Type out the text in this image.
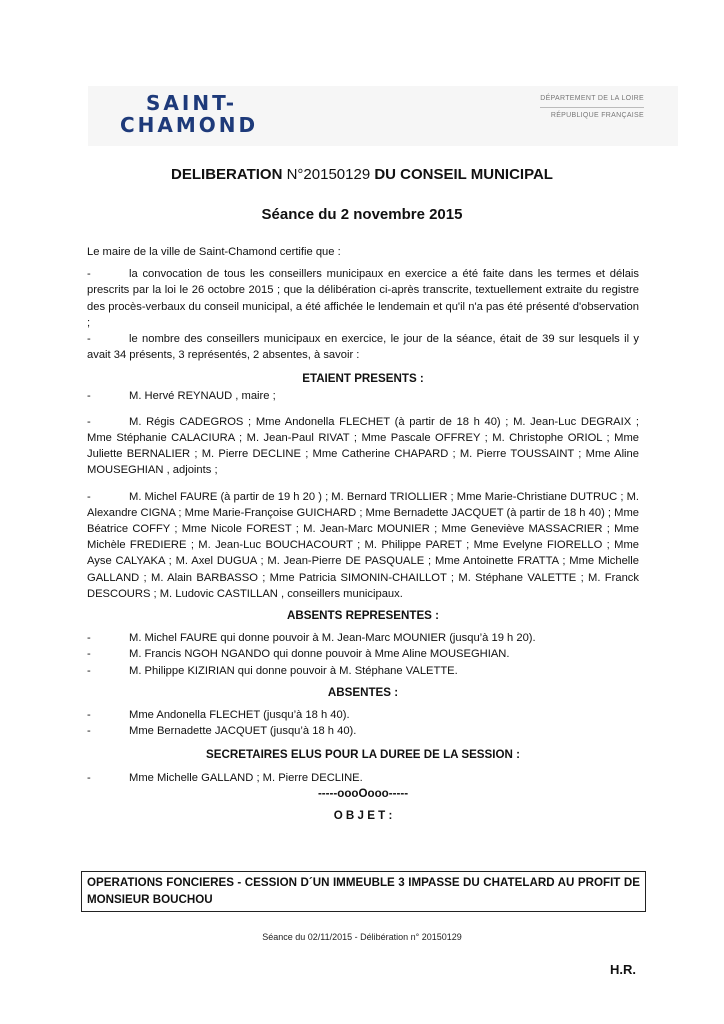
SAINT-
CHAMOND
DÉPARTEMENT DE LA LOIRE
RÉPUBLIQUE FRANÇAISE
DELIBERATION N°20150129 DU CONSEIL MUNICIPAL
Séance du 2 novembre 2015

Le maire de la ville de Saint-Chamond certifie que :

-	la convocation de tous les conseillers municipaux en exercice a été faite dans les termes et délais prescrits par la loi le 26 octobre 2015 ; que la délibération ci-après transcrite, textuellement extraite du registre des procès-verbaux du conseil municipal, a été affichée le lendemain et qu'il n'a pas été présenté d'observation ;

-	le nombre des conseillers municipaux en exercice, le jour de la séance, était de 39 sur lesquels il y avait 34 présents, 3 représentés, 2 absentes, à savoir :

ETAIENT PRESENTS :

-	M. Hervé REYNAUD , maire ;

-	M. Régis CADEGROS ; Mme Andonella FLECHET (à partir de 18 h 40) ; M. Jean-Luc DEGRAIX ; Mme Stéphanie CALACIURA ; M. Jean-Paul RIVAT ; Mme Pascale OFFREY ; M. Christophe ORIOL ; Mme Juliette BERNALIER ; M. Pierre DECLINE ; Mme Catherine CHAPARD ; M. Pierre TOUSSAINT ; Mme Aline MOUSEGHIAN , adjoints ;

-	M. Michel FAURE (à partir de 19 h 20 ) ; M. Bernard TRIOLLIER ; Mme Marie-Christiane DUTRUC ; M. Alexandre CIGNA ; Mme Marie-Françoise GUICHARD ; Mme Bernadette JACQUET (à partir de 18 h 40) ; Mme Béatrice COFFY ; Mme Nicole FOREST ; M. Jean-Marc MOUNIER ; Mme Geneviève MASSACRIER ; Mme Michèle FREDIERE ; M. Jean-Luc BOUCHACOURT ; M. Philippe PARET ; Mme Evelyne FIORELLO ; Mme Ayse CALYAKA ; M. Axel DUGUA ; M. Jean-Pierre DE PASQUALE ; Mme Antoinette FRATTA ; Mme Michelle GALLAND ; M. Alain BARBASSO ; Mme Patricia SIMONIN-CHAILLOT ; M. Stéphane VALETTE ; M. Franck DESCOURS ; M. Ludovic CASTILLAN , conseillers municipaux.

ABSENTS REPRESENTES :

-	M. Michel FAURE qui donne pouvoir à M. Jean-Marc MOUNIER (jusqu’à 19 h 20).
-	M. Francis NGOH NGANDO qui donne pouvoir à Mme Aline MOUSEGHIAN.
-	M. Philippe KIZIRIAN qui donne pouvoir à M. Stéphane VALETTE.

ABSENTES :

-	Mme Andonella FLECHET (jusqu’à 18 h 40).
-	Mme Bernadette JACQUET (jusqu’à 18 h 40).

SECRETAIRES ELUS POUR LA DUREE DE LA SESSION :

-	Mme Michelle GALLAND ; M. Pierre DECLINE.

-----oooOooo-----

O B J E T :

OPERATIONS FONCIERES - CESSION D´UN IMMEUBLE 3 IMPASSE DU CHATELARD AU PROFIT DE MONSIEUR BOUCHOU
Séance du 02/11/2015 - Délibération n° 20150129
H.R.
